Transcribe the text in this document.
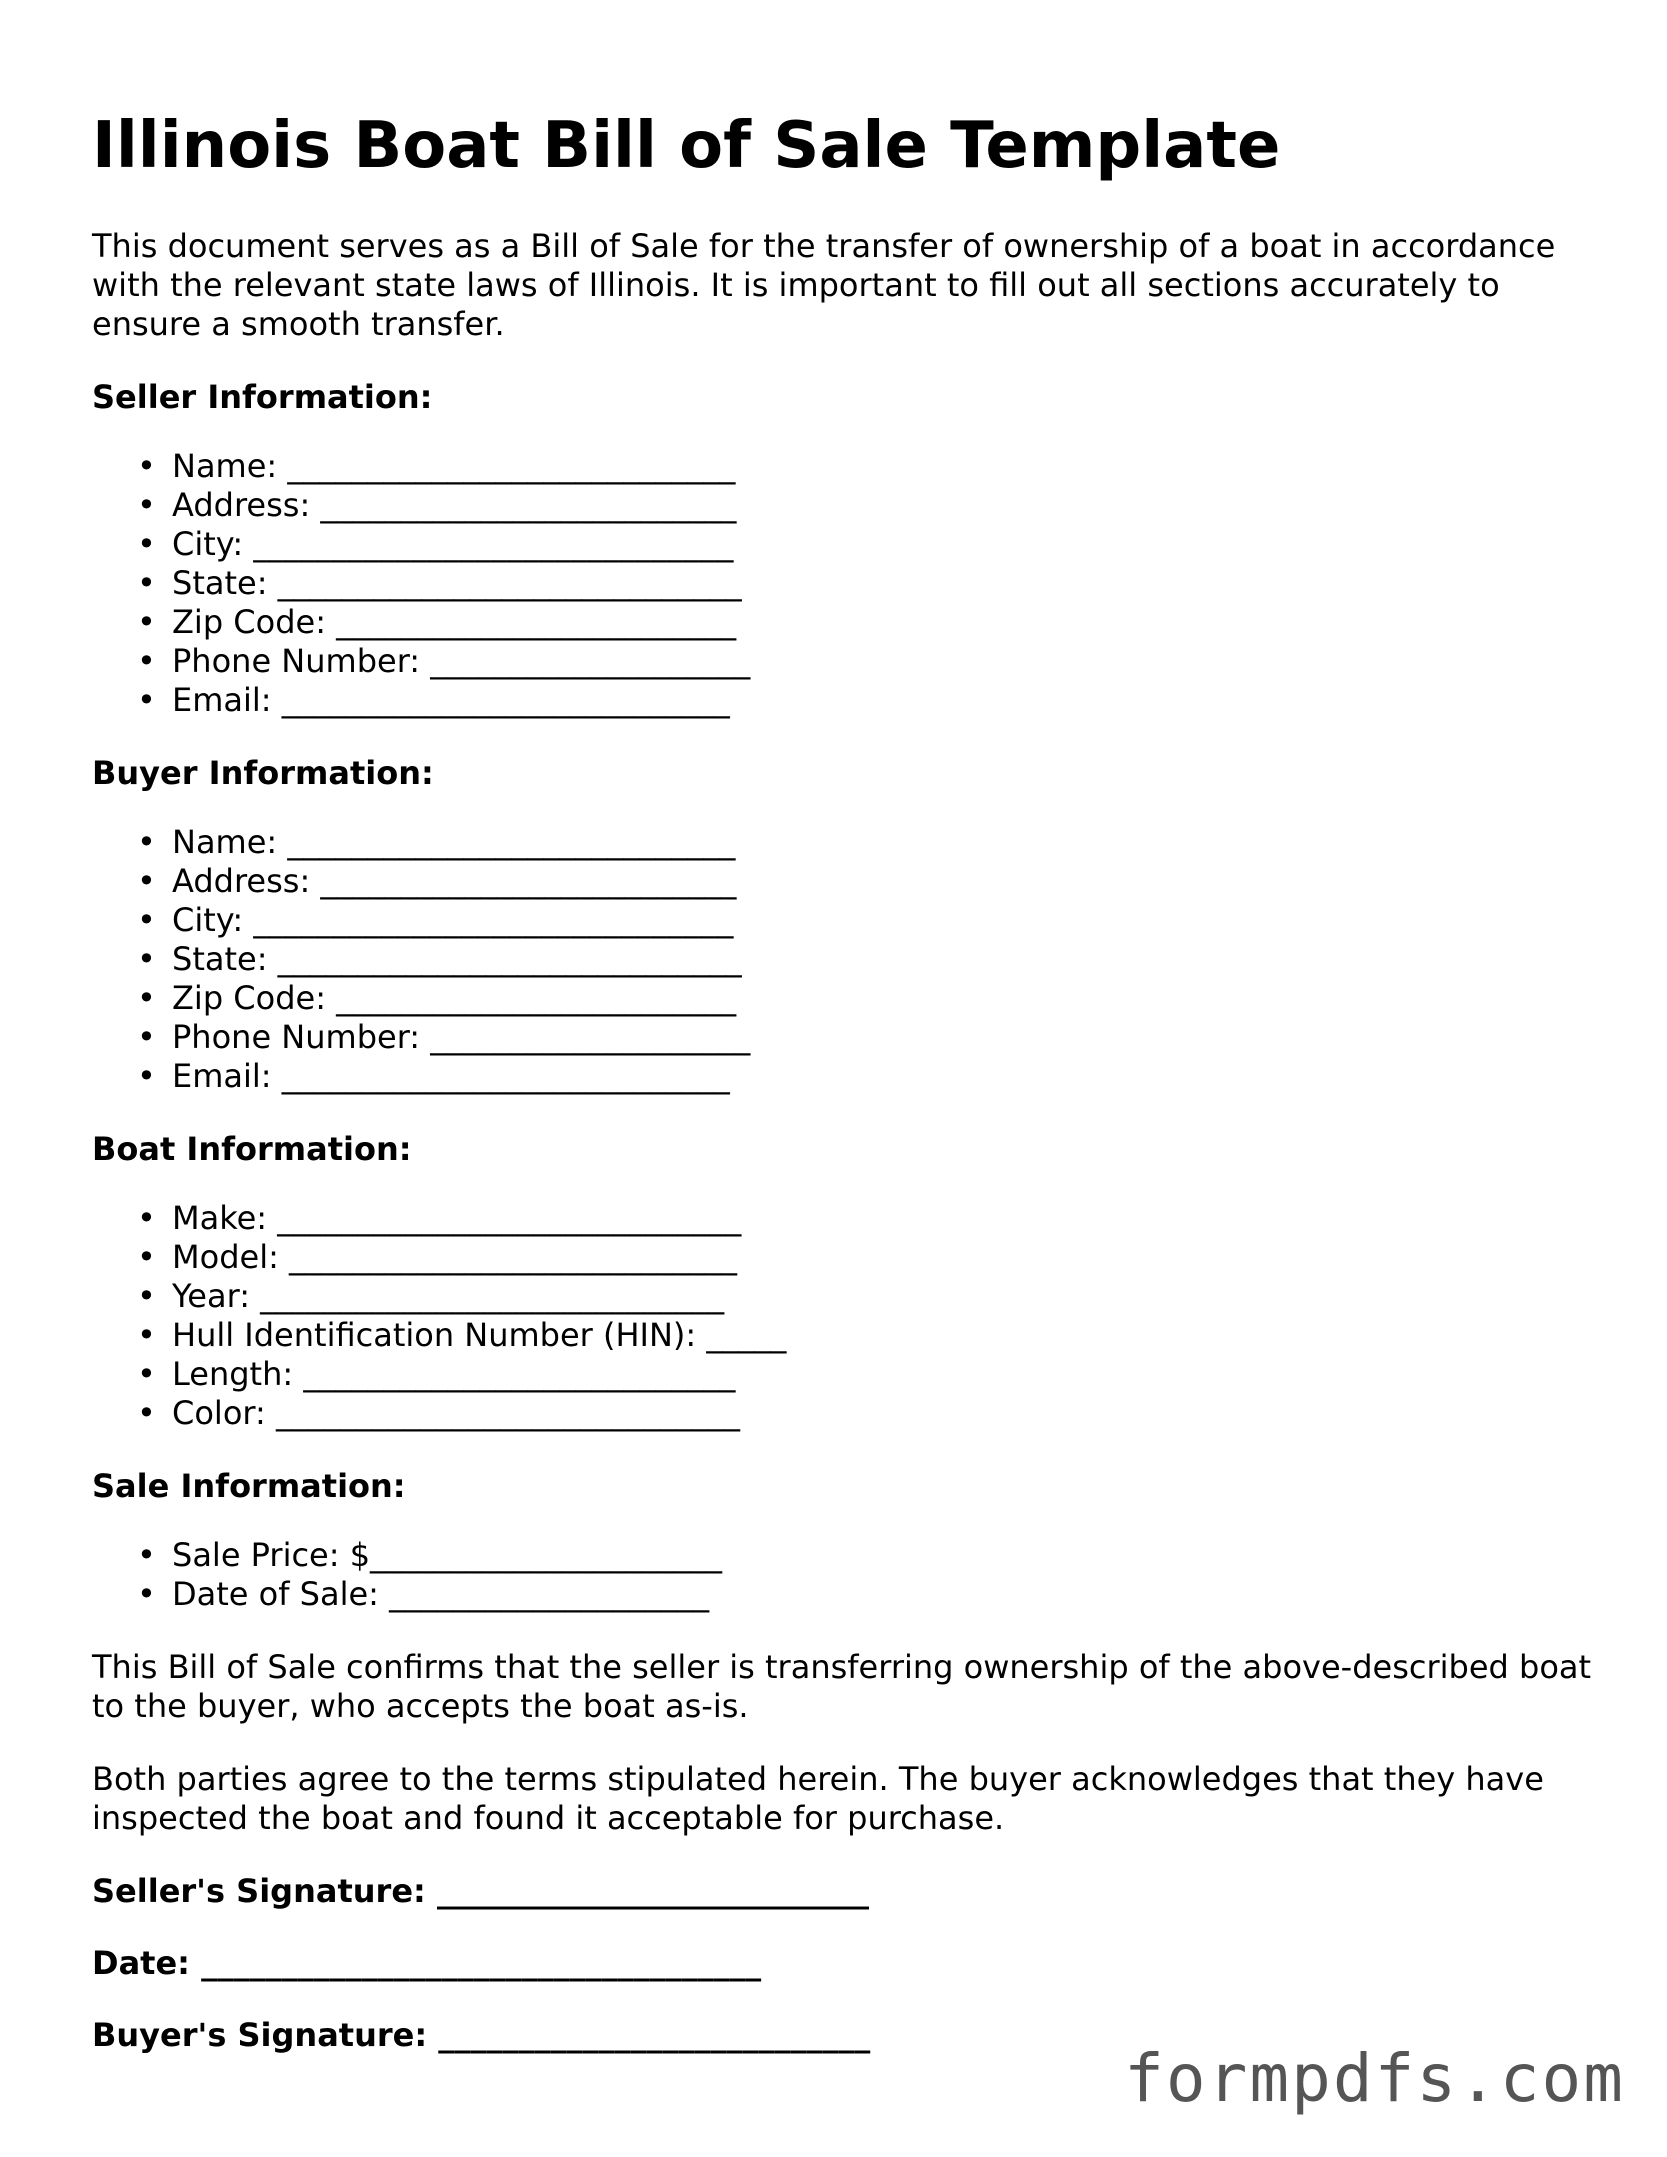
Illinois Boat Bill of Sale Template

This document serves as a Bill of Sale for the transfer of ownership of a boat in accordance with the relevant state laws of Illinois. It is important to fill out all sections accurately to ensure a smooth transfer.

Seller Information:
• Name: ____________________________
• Address: __________________________
• City: ______________________________
• State: _____________________________
• Zip Code: _________________________
• Phone Number: ____________________
• Email: ____________________________
Buyer Information:
• Name: ____________________________
• Address: __________________________
• City: ______________________________
• State: _____________________________
• Zip Code: _________________________
• Phone Number: ____________________
• Email: ____________________________
Boat Information:
• Make: _____________________________
• Model: ____________________________
• Year: _____________________________
• Hull Identification Number (HIN): _____
• Length: ___________________________
• Color: _____________________________
Sale Information:
• Sale Price: $______________________
• Date of Sale: ____________________

This Bill of Sale confirms that the seller is transferring ownership of the above-described boat to the buyer, who accepts the boat as-is.

Both parties agree to the terms stipulated herein. The buyer acknowledges that they have inspected the boat and found it acceptable for purchase.

Seller's Signature: ___________________________
Date: ___________________________________
Buyer's Signature: ___________________________
formpdfs.com
